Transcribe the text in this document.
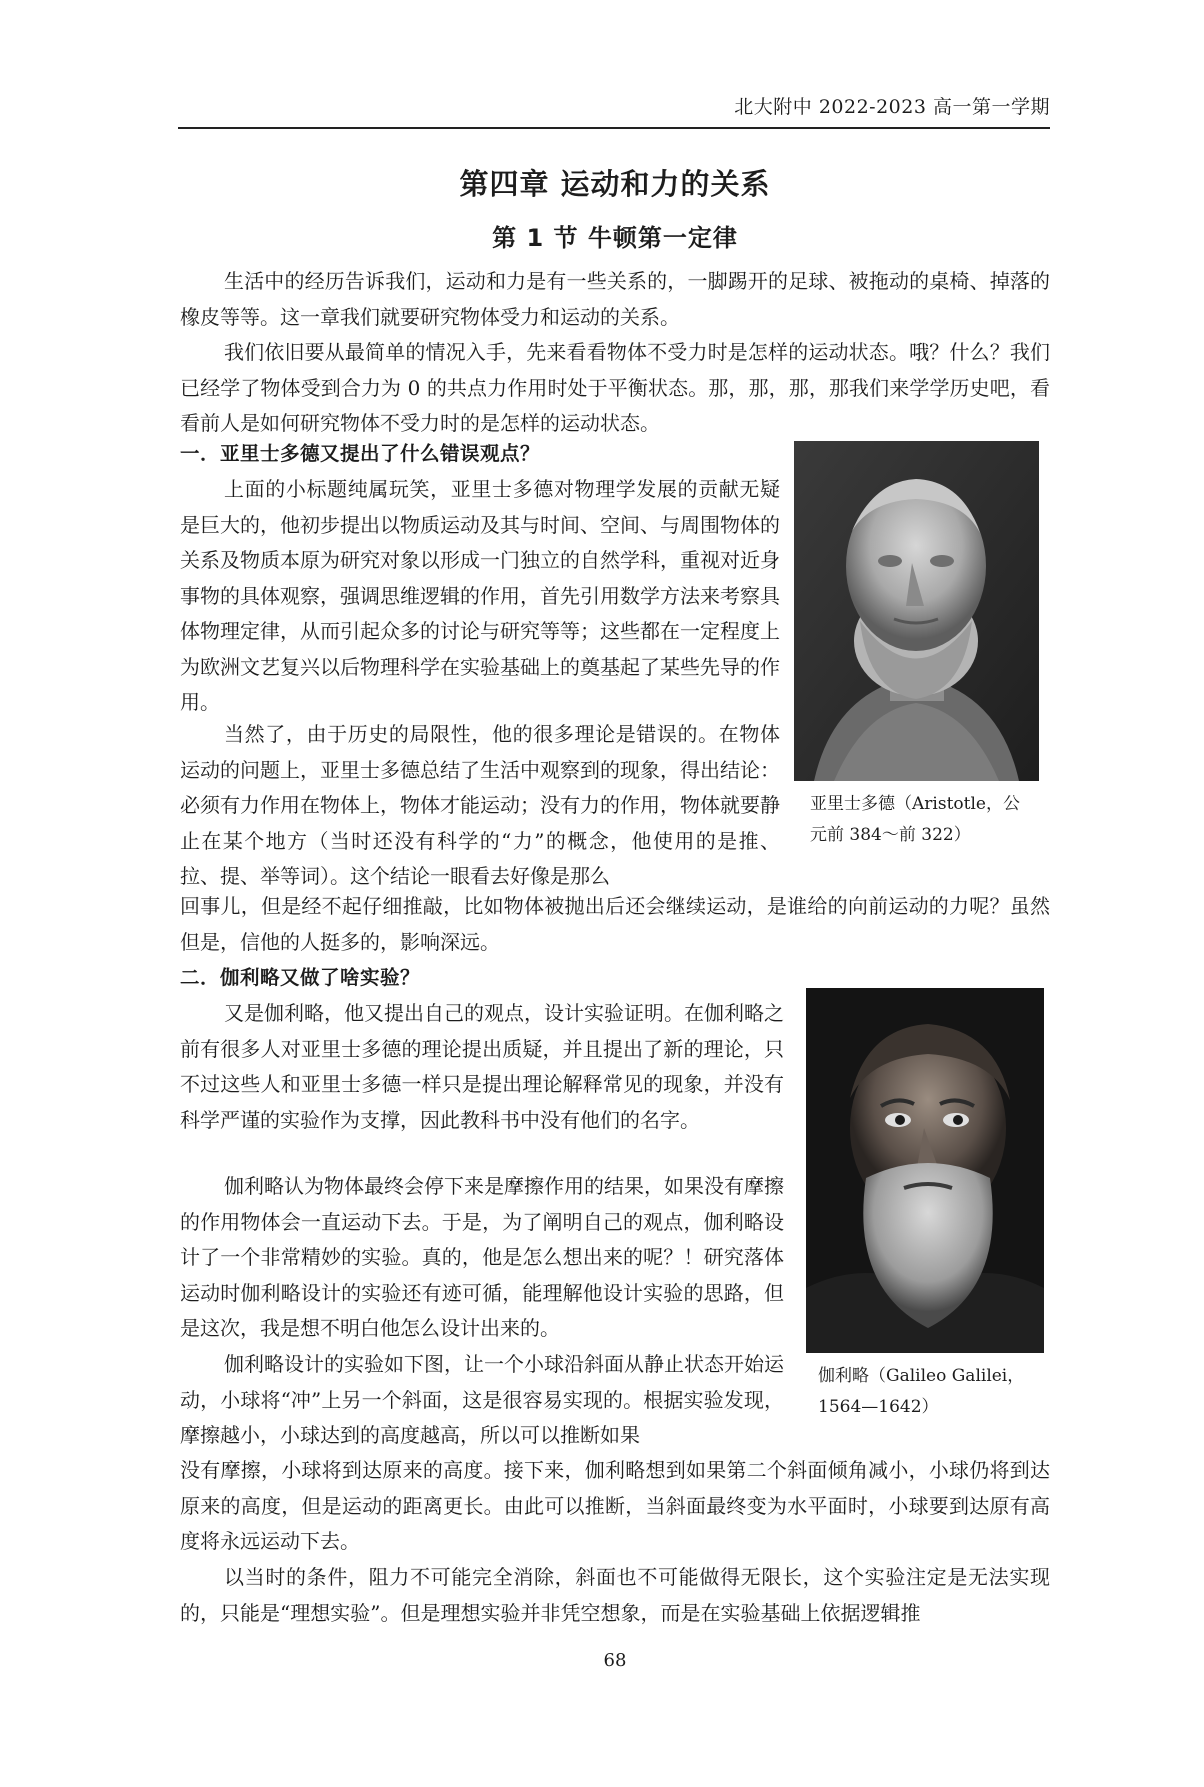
北大附中 2022-2023 高一第一学期
第四章 运动和力的关系
第 1 节 牛顿第一定律

生活中的经历告诉我们，运动和力是有一些关系的，一脚踢开的足球、被拖动的桌椅、掉落的橡皮等等。这一章我们就要研究物体受力和运动的关系。

我们依旧要从最简单的情况入手，先来看看物体不受力时是怎样的运动状态。哦？什么？我们已经学了物体受到合力为 0 的共点力作用时处于平衡状态。那，那，那，那我们来学学历史吧，看看前人是如何研究物体不受力时的是怎样的运动状态。

一．亚里士多德又提出了什么错误观点？

上面的小标题纯属玩笑，亚里士多德对物理学发展的贡献无疑是巨大的，他初步提出以物质运动及其与时间、空间、与周围物体的关系及物质本原为研究对象以形成一门独立的自然学科，重视对近身事物的具体观察，强调思维逻辑的作用，首先引用数学方法来考察具体物理定律，从而引起众多的讨论与研究等等；这些都在一定程度上为欧洲文艺复兴以后物理科学在实验基础上的奠基起了某些先导的作用。

当然了，由于历史的局限性，他的很多理论是错误的。在物体运动的问题上，亚里士多德总结了生活中观察到的现象，得出结论：必须有力作用在物体上，物体才能运动；没有力的作用，物体就要静止在某个地方（当时还没有科学的“力”的概念，他使用的是推、拉、提、举等词）。这个结论一眼看去好像是那么

回事儿，但是经不起仔细推敲，比如物体被抛出后还会继续运动，是谁给的向前运动的力呢？虽然但是，信他的人挺多的，影响深远。

亚里士多德（Aristotle，公元前 384～前 322）
二．伽利略又做了啥实验？

又是伽利略，他又提出自己的观点，设计实验证明。在伽利略之前有很多人对亚里士多德的理论提出质疑，并且提出了新的理论，只不过这些人和亚里士多德一样只是提出理论解释常见的现象，并没有科学严谨的实验作为支撑，因此教科书中没有他们的名字。

伽利略认为物体最终会停下来是摩擦作用的结果，如果没有摩擦的作用物体会一直运动下去。于是，为了阐明自己的观点，伽利略设计了一个非常精妙的实验。真的，他是怎么想出来的呢？！研究落体运动时伽利略设计的实验还有迹可循，能理解他设计实验的思路，但是这次，我是想不明白他怎么设计出来的。

伽利略设计的实验如下图，让一个小球沿斜面从静止状态开始运动，小球将“冲”上另一个斜面，这是很容易实现的。根据实验发现，摩擦越小，小球达到的高度越高，所以可以推断如果

没有摩擦，小球将到达原来的高度。接下来，伽利略想到如果第二个斜面倾角减小，小球仍将到达原来的高度，但是运动的距离更长。由此可以推断，当斜面最终变为水平面时，小球要到达原有高度将永远运动下去。

以当时的条件，阻力不可能完全消除，斜面也不可能做得无限长，这个实验注定是无法实现的，只能是“理想实验”。但是理想实验并非凭空想象，而是在实验基础上依据逻辑推

伽利略（Galileo Galilei，1564—1642）
68
